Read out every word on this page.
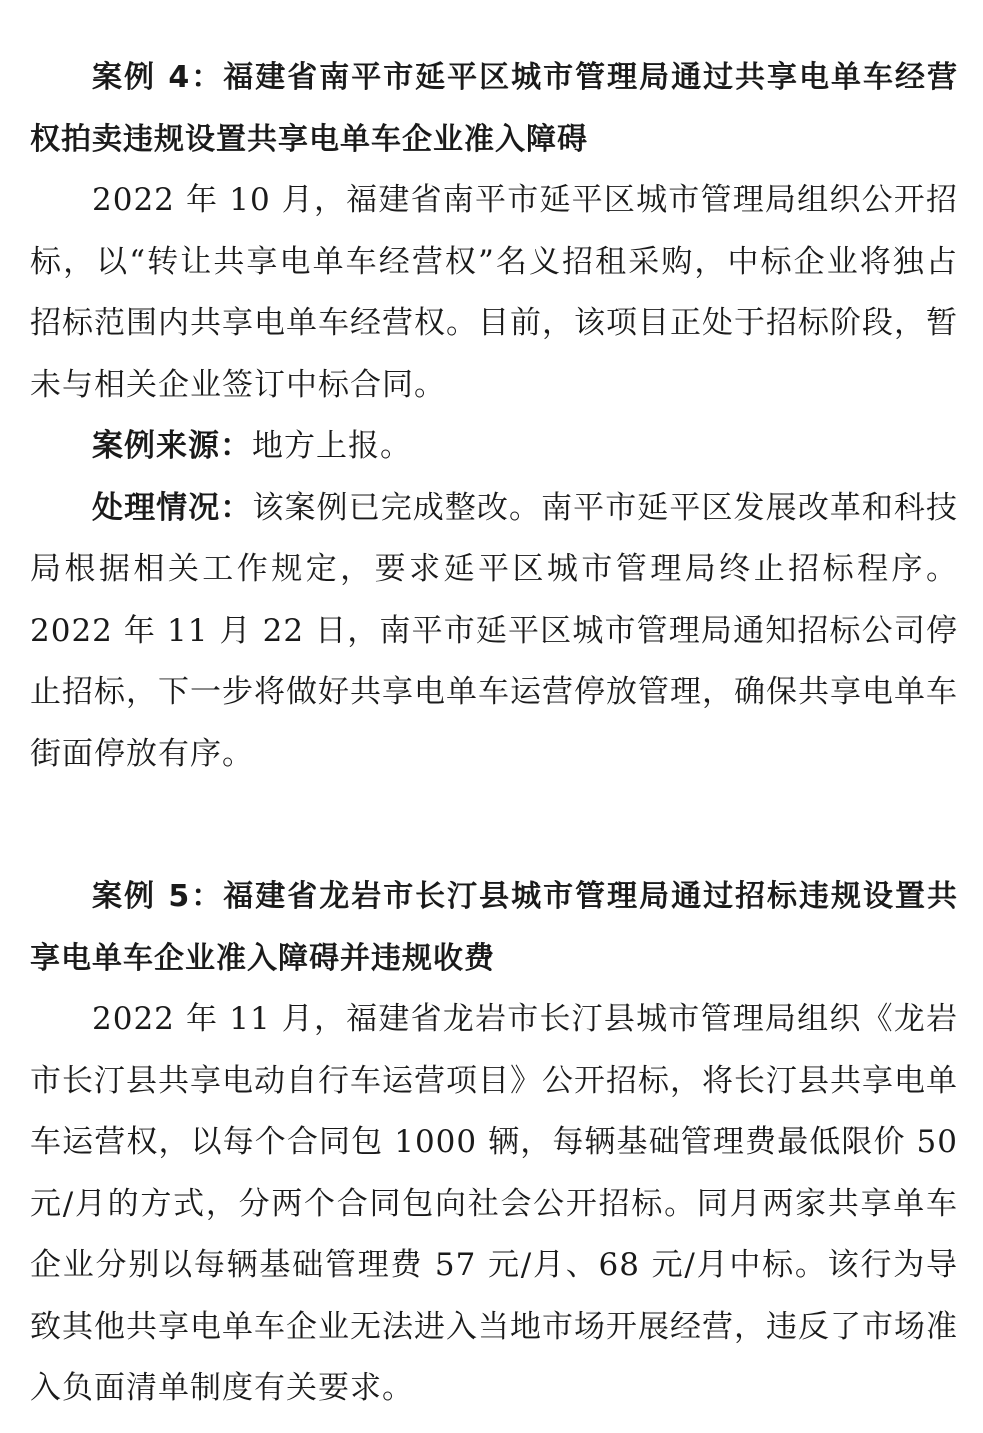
案例 4：福建省南平市延平区城市管理局通过共享电单车经营权拍卖违规设置共享电单车企业准入障碍

2022 年 10 月，福建省南平市延平区城市管理局组织公开招标，以“转让共享电单车经营权”名义招租采购，中标企业将独占招标范围内共享电单车经营权。目前，该项目正处于招标阶段，暂未与相关企业签订中标合同。

案例来源：地方上报。

处理情况：该案例已完成整改。南平市延平区发展改革和科技局根据相关工作规定，要求延平区城市管理局终止招标程序。2022 年 11 月 22 日，南平市延平区城市管理局通知招标公司停止招标，下一步将做好共享电单车运营停放管理，确保共享电单车街面停放有序。

案例 5：福建省龙岩市长汀县城市管理局通过招标违规设置共享电单车企业准入障碍并违规收费

2022 年 11 月，福建省龙岩市长汀县城市管理局组织《龙岩市长汀县共享电动自行车运营项目》公开招标，将长汀县共享电单车运营权，以每个合同包 1000 辆，每辆基础管理费最低限价 50 元/月的方式，分两个合同包向社会公开招标。同月两家共享单车企业分别以每辆基础管理费 57 元/月、68 元/月中标。该行为导致其他共享电单车企业无法进入当地市场开展经营，违反了市场准入负面清单制度有关要求。
